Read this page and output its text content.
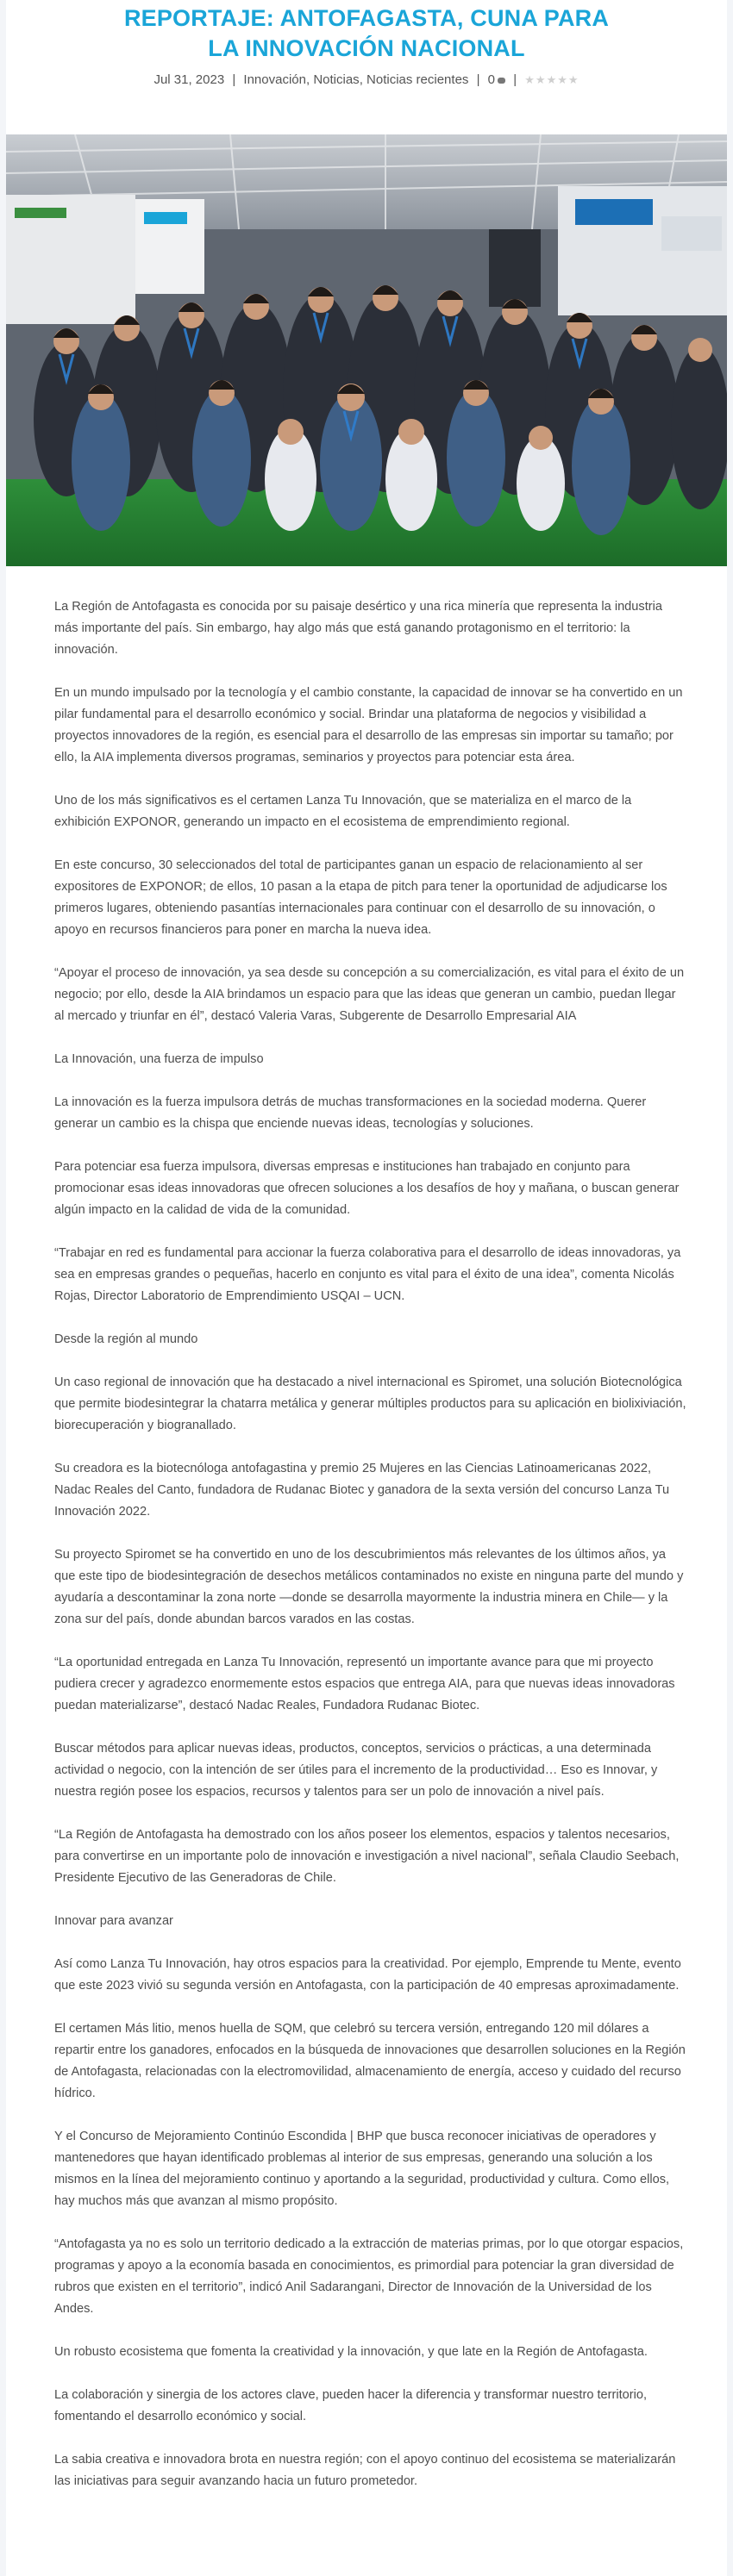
REPORTAJE: ANTOFAGASTA, CUNA PARA LA INNOVACIÓN NACIONAL
Jul 31, 2023 | Innovación, Noticias, Noticias recientes | 0 | ★★★★★

La Región de Antofagasta es conocida por su paisaje desértico y una rica minería que representa la industria más importante del país. Sin embargo, hay algo más que está ganando protagonismo en el territorio: la innovación.

En un mundo impulsado por la tecnología y el cambio constante, la capacidad de innovar se ha convertido en un pilar fundamental para el desarrollo económico y social. Brindar una plataforma de negocios y visibilidad a proyectos innovadores de la región, es esencial para el desarrollo de las empresas sin importar su tamaño; por ello, la AIA implementa diversos programas, seminarios y proyectos para potenciar esta área.

Uno de los más significativos es el certamen Lanza Tu Innovación, que se materializa en el marco de la exhibición EXPONOR, generando un impacto en el ecosistema de emprendimiento regional.

En este concurso, 30 seleccionados del total de participantes ganan un espacio de relacionamiento al ser expositores de EXPONOR; de ellos, 10 pasan a la etapa de pitch para tener la oportunidad de adjudicarse los primeros lugares, obteniendo pasantías internacionales para continuar con el desarrollo de su innovación, o apoyo en recursos financieros para poner en marcha la nueva idea.

“Apoyar el proceso de innovación, ya sea desde su concepción a su comercialización, es vital para el éxito de un negocio; por ello, desde la AIA brindamos un espacio para que las ideas que generan un cambio, puedan llegar al mercado y triunfar en él”, destacó Valeria Varas, Subgerente de Desarrollo Empresarial AIA

La Innovación, una fuerza de impulso

La innovación es la fuerza impulsora detrás de muchas transformaciones en la sociedad moderna. Querer generar un cambio es la chispa que enciende nuevas ideas, tecnologías y soluciones.

Para potenciar esa fuerza impulsora, diversas empresas e instituciones han trabajado en conjunto para promocionar esas ideas innovadoras que ofrecen soluciones a los desafíos de hoy y mañana, o buscan generar algún impacto en la calidad de vida de la comunidad.

“Trabajar en red es fundamental para accionar la fuerza colaborativa para el desarrollo de ideas innovadoras, ya sea en empresas grandes o pequeñas, hacerlo en conjunto es vital para el éxito de una idea”, comenta Nicolás Rojas, Director Laboratorio de Emprendimiento USQAI – UCN.

Desde la región al mundo

Un caso regional de innovación que ha destacado a nivel internacional es Spiromet, una solución Biotecnológica que permite biodesintegrar la chatarra metálica y generar múltiples productos para su aplicación en biolixiviación, biorecuperación y biogranallado.

Su creadora es la biotecnóloga antofagastina y premio 25 Mujeres en las Ciencias Latinoamericanas 2022, Nadac Reales del Canto, fundadora de Rudanac Biotec y ganadora de la sexta versión del concurso Lanza Tu Innovación 2022.

Su proyecto Spiromet se ha convertido en uno de los descubrimientos más relevantes de los últimos años, ya que este tipo de biodesintegración de desechos metálicos contaminados no existe en ninguna parte del mundo y ayudaría a descontaminar la zona norte —donde se desarrolla mayormente la industria minera en Chile— y la zona sur del país, donde abundan barcos varados en las costas.

“La oportunidad entregada en Lanza Tu Innovación, representó un importante avance para que mi proyecto pudiera crecer y agradezco enormemente estos espacios que entrega AIA, para que nuevas ideas innovadoras puedan materializarse”, destacó Nadac Reales, Fundadora Rudanac Biotec.

Buscar métodos para aplicar nuevas ideas, productos, conceptos, servicios o prácticas, a una determinada actividad o negocio, con la intención de ser útiles para el incremento de la productividad… Eso es Innovar, y nuestra región posee los espacios, recursos y talentos para ser un polo de innovación a nivel país.

“La Región de Antofagasta ha demostrado con los años poseer los elementos, espacios y talentos necesarios, para convertirse en un importante polo de innovación e investigación a nivel nacional”, señala Claudio Seebach, Presidente Ejecutivo de las Generadoras de Chile.

Innovar para avanzar

Así como Lanza Tu Innovación, hay otros espacios para la creatividad. Por ejemplo, Emprende tu Mente, evento que este 2023 vivió su segunda versión en Antofagasta, con la participación de 40 empresas aproximadamente.

El certamen Más litio, menos huella de SQM, que celebró su tercera versión, entregando 120 mil dólares a repartir entre los ganadores, enfocados en la búsqueda de innovaciones que desarrollen soluciones en la Región de Antofagasta, relacionadas con la electromovilidad, almacenamiento de energía, acceso y cuidado del recurso hídrico.

Y el Concurso de Mejoramiento Continúo Escondida | BHP que busca reconocer iniciativas de operadores y mantenedores que hayan identificado problemas al interior de sus empresas, generando una solución a los mismos en la línea del mejoramiento continuo y aportando a la seguridad, productividad y cultura. Como ellos, hay muchos más que avanzan al mismo propósito.

“Antofagasta ya no es solo un territorio dedicado a la extracción de materias primas, por lo que otorgar espacios, programas y apoyo a la economía basada en conocimientos, es primordial para potenciar la gran diversidad de rubros que existen en el territorio”, indicó Anil Sadarangani, Director de Innovación de la Universidad de los Andes.

Un robusto ecosistema que fomenta la creatividad y la innovación, y que late en la Región de Antofagasta.

La colaboración y sinergia de los actores clave, pueden hacer la diferencia y transformar nuestro territorio, fomentando el desarrollo económico y social.

La sabia creativa e innovadora brota en nuestra región; con el apoyo continuo del ecosistema se materializarán las iniciativas para seguir avanzando hacia un futuro prometedor.
